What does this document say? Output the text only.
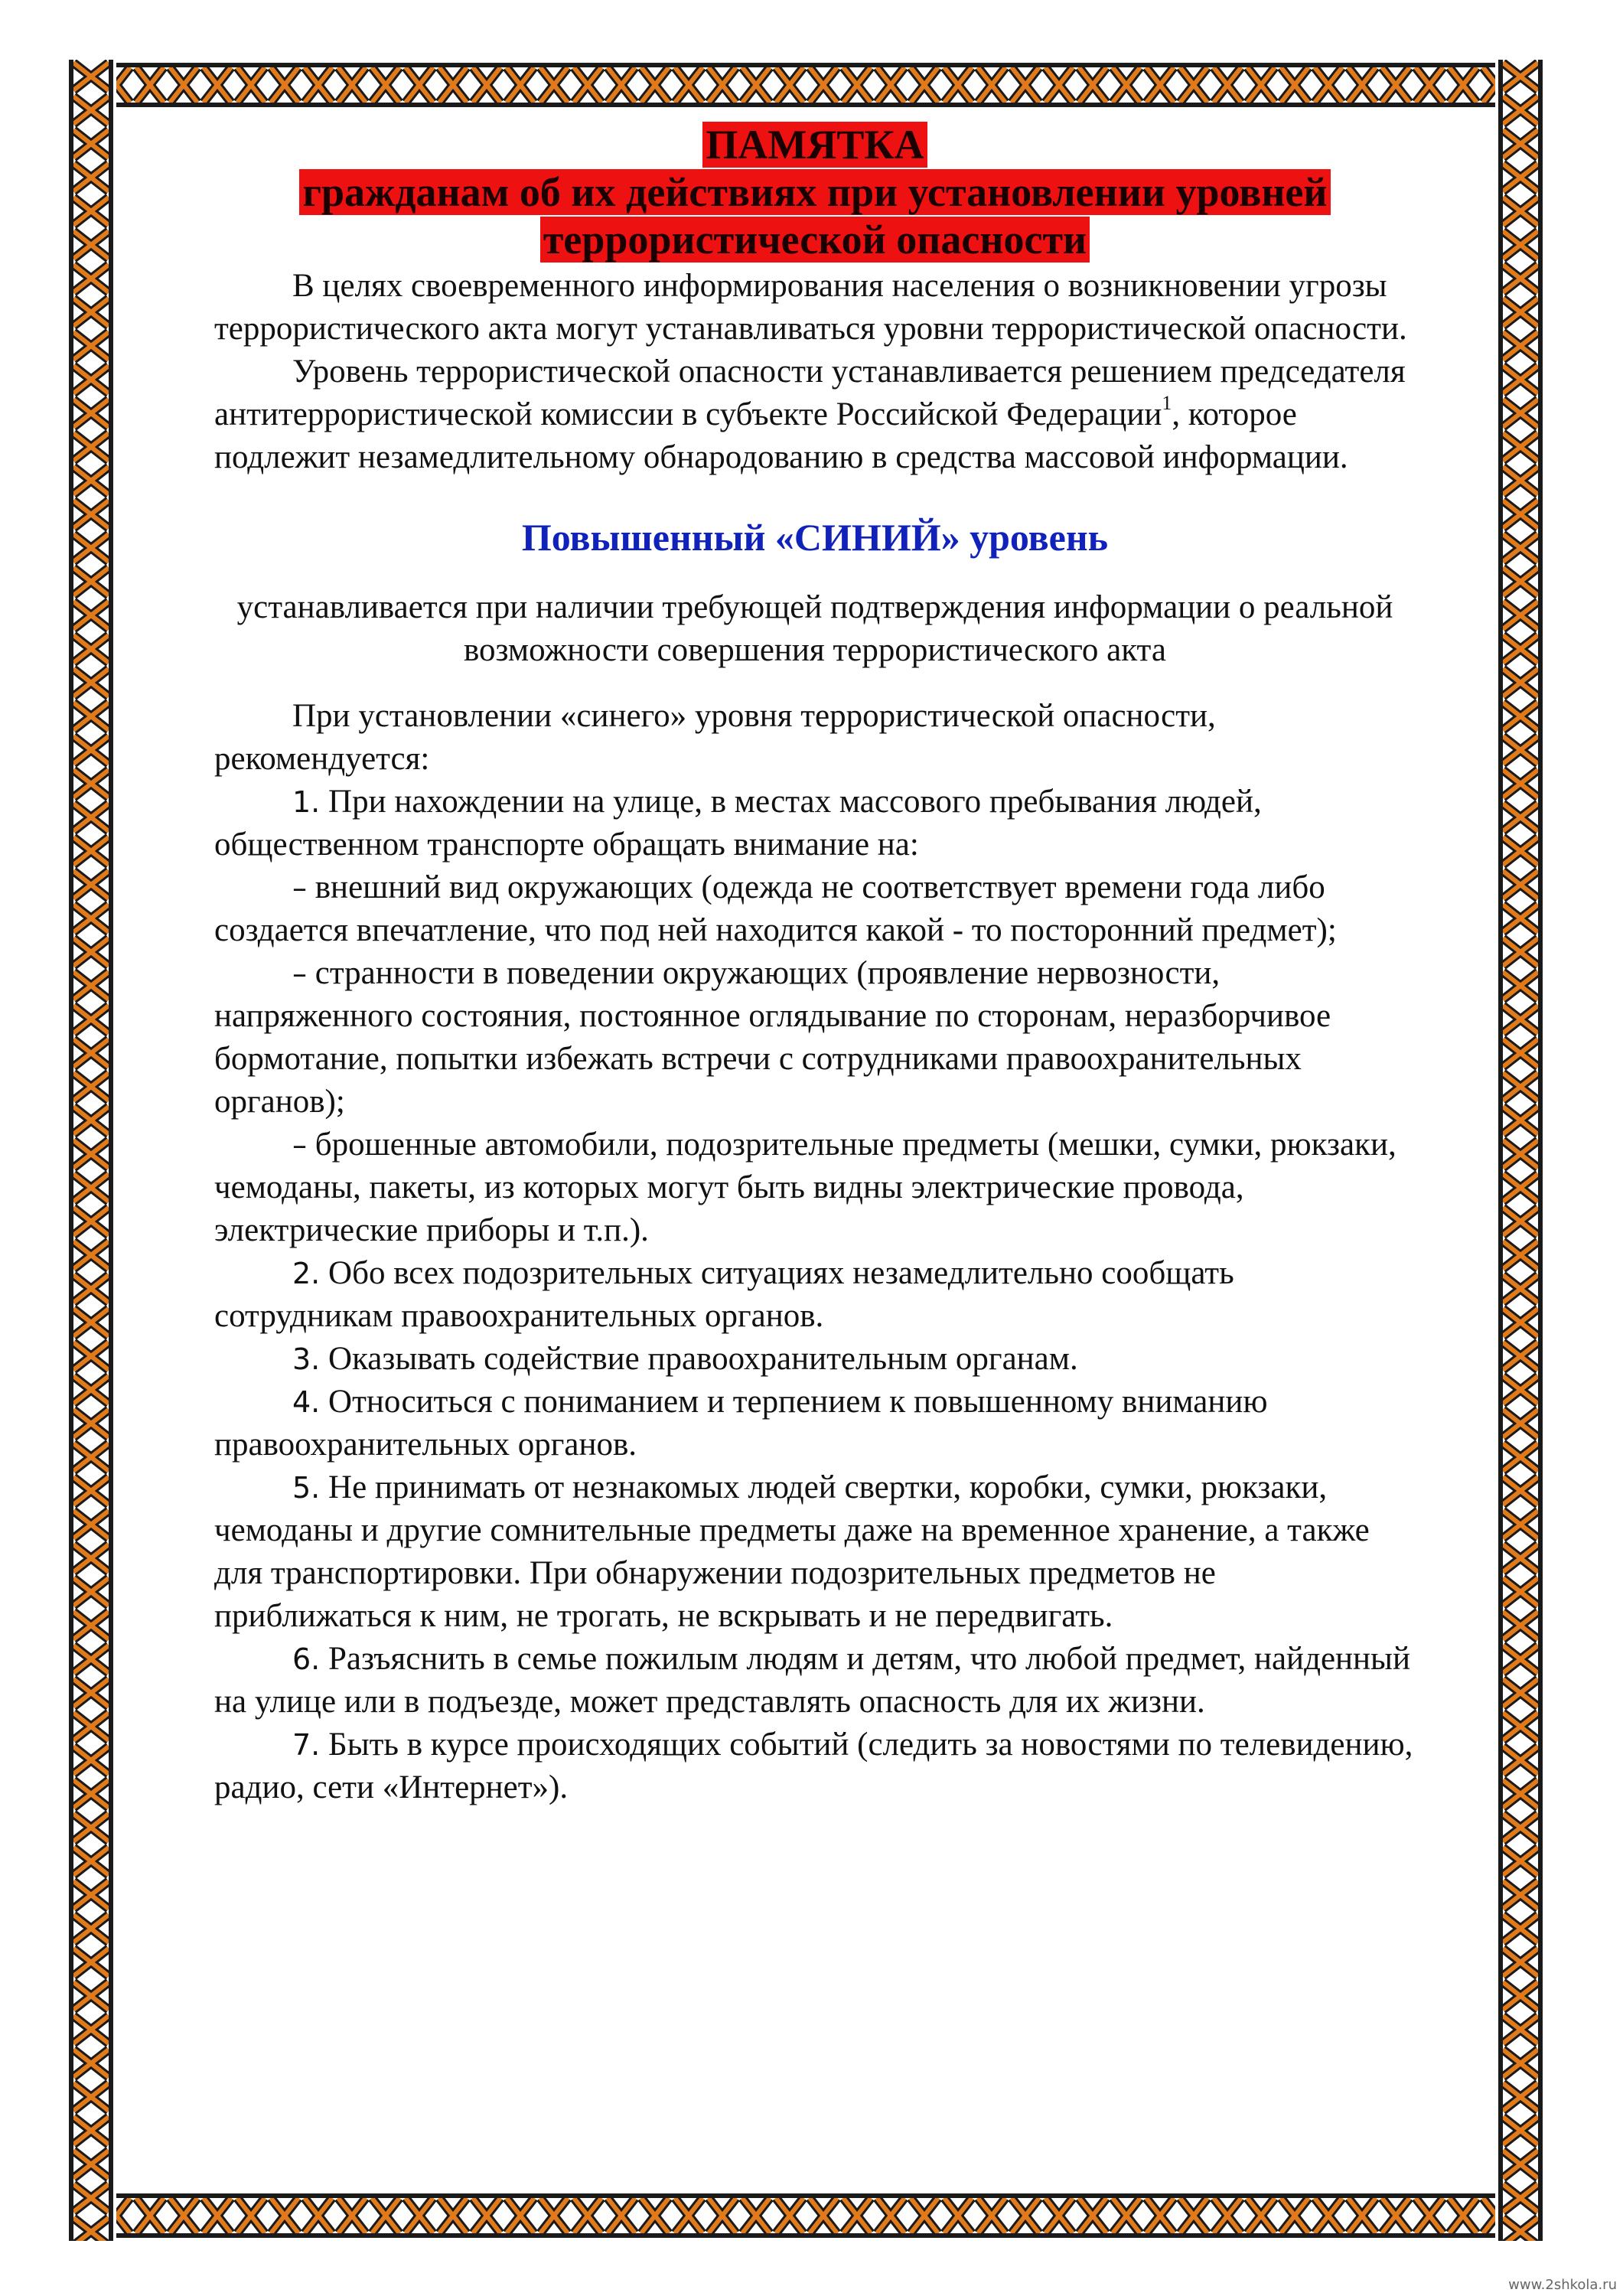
ПАМЯТКА
гражданам об их действиях при установлении уровней
террористической опасности

В целях своевременного информирования населения о возникновении угрозы террористического акта могут устанавливаться уровни террористической опасности.

Уровень террористической опасности устанавливается решением председателя антитеррористической комиссии в субъекте Российской Федерации$^1$, которое подлежит незамедлительному обнародованию в средства массовой информации.

Повышенный «СИНИЙ» уровень

устанавливается при наличии требующей подтверждения информации о реальной возможности совершения террористического акта

При установлении «синего» уровня террористической опасности, рекомендуется:

1. При нахождении на улице, в местах массового пребывания людей, общественном транспорте обращать внимание на:

– внешний вид окружающих (одежда не соответствует времени года либо создается впечатление, что под ней находится какой - то посторонний предмет);

– странности в поведении окружающих (проявление нервозности, напряженного состояния, постоянное оглядывание по сторонам, неразборчивое бормотание, попытки избежать встречи с сотрудниками правоохранительных органов);

– брошенные автомобили, подозрительные предметы (мешки, сумки, рюкзаки, чемоданы, пакеты, из которых могут быть видны электрические провода, электрические приборы и т.п.).

2. Обо всех подозрительных ситуациях незамедлительно сообщать сотрудникам правоохранительных органов.

3. Оказывать содействие правоохранительным органам.

4. Относиться с пониманием и терпением к повышенному вниманию правоохранительных органов.

5. Не принимать от незнакомых людей свертки, коробки, сумки, рюкзаки, чемоданы и другие сомнительные предметы даже на временное хранение, а также для транспортировки. При обнаружении подозрительных предметов не приближаться к ним, не трогать, не вскрывать и не передвигать.

6. Разъяснить в семье пожилым людям и детям, что любой предмет, найденный на улице или в подъезде, может представлять опасность для их жизни.

7. Быть в курсе происходящих событий (следить за новостями по телевидению, радио, сети «Интернет»).

www.2shkola.ru
